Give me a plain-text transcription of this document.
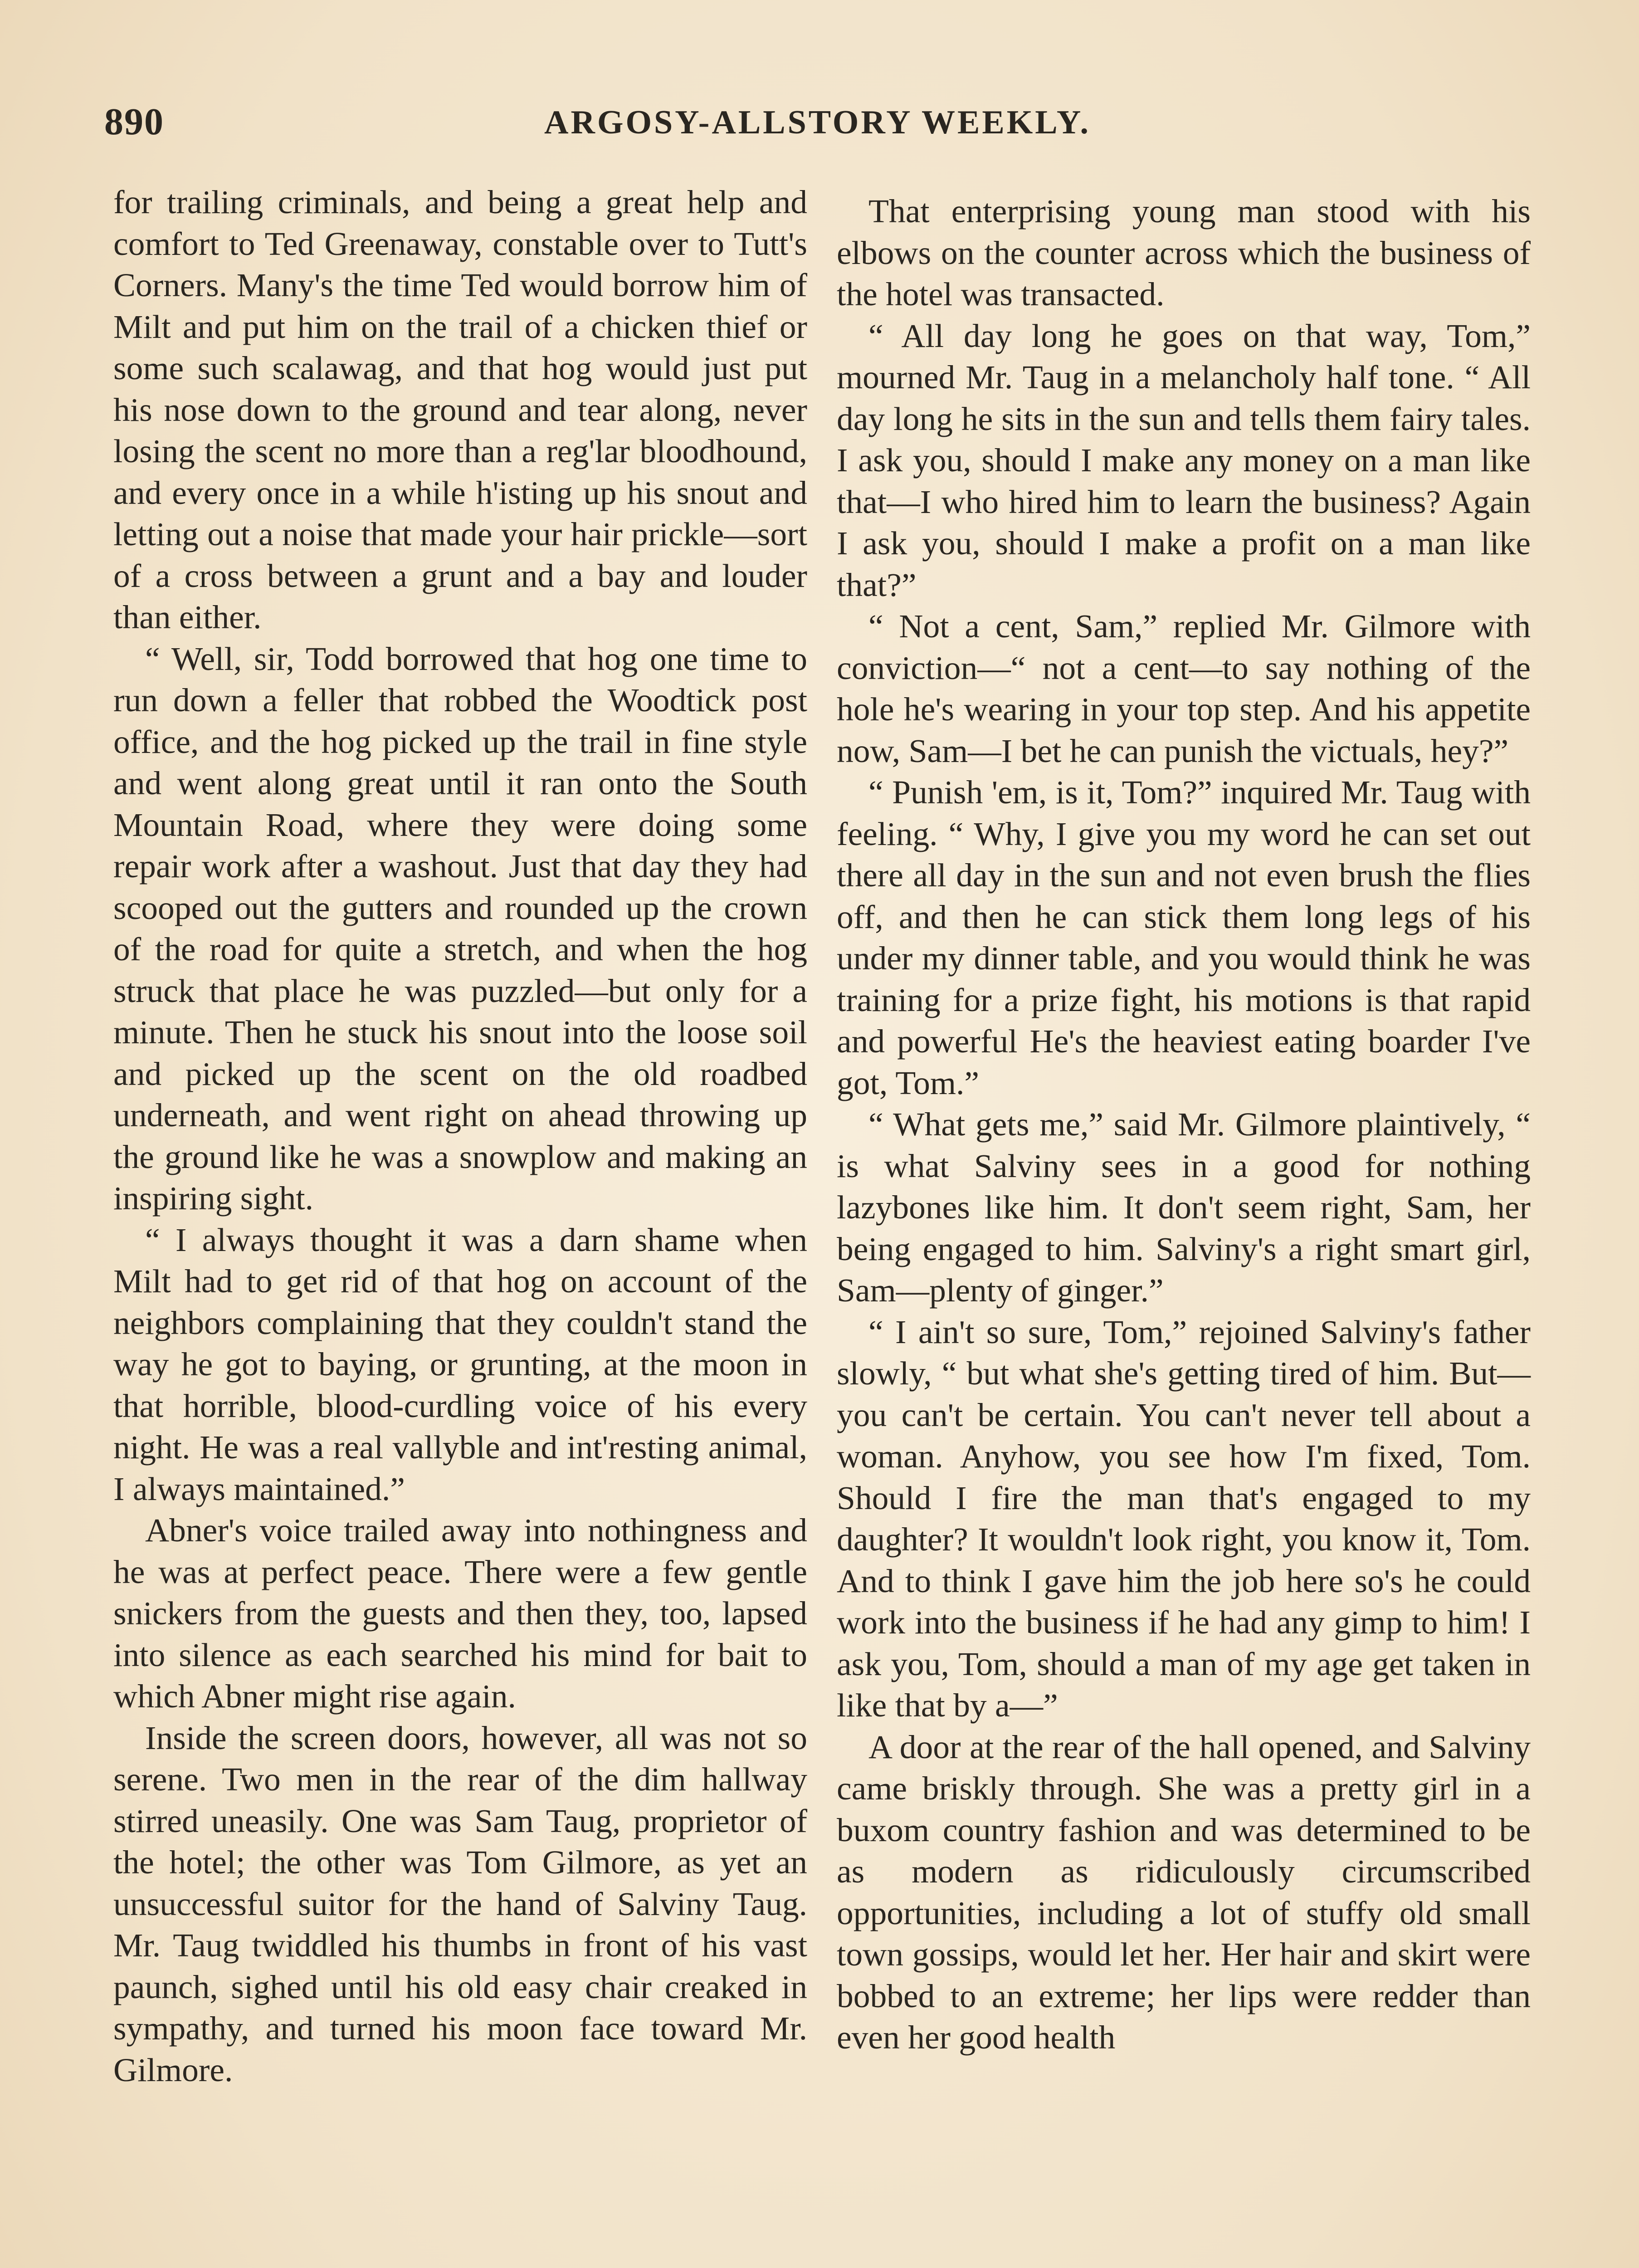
890	ARGOSY-ALLSTORY WEEKLY.

for trailing criminals, and being a great help and comfort to Ted Greenaway, constable over to Tutt's Corners. Many's the time Ted would borrow him of Milt and put him on the trail of a chicken thief or some such scalawag, and that hog would just put his nose down to the ground and tear along, never losing the scent no more than a reg'lar bloodhound, and every once in a while h'isting up his snout and letting out a noise that made your hair prickle—sort of a cross between a grunt and a bay and louder than either.

“ Well, sir, Todd borrowed that hog one time to run down a feller that robbed the Woodtick post office, and the hog picked up the trail in fine style and went along great until it ran onto the South Mountain Road, where they were doing some repair work after a washout. Just that day they had scooped out the gutters and rounded up the crown of the road for quite a stretch, and when the hog struck that place he was puzzled—but only for a minute. Then he stuck his snout into the loose soil and picked up the scent on the old roadbed underneath, and went right on ahead throwing up the ground like he was a snowplow and making an inspiring sight.

“ I always thought it was a darn shame when Milt had to get rid of that hog on account of the neighbors complaining that they couldn't stand the way he got to baying, or grunting, at the moon in that horrible, blood-curdling voice of his every night. He was a real vallyble and int'resting animal, I always maintained.”

Abner's voice trailed away into nothingness and he was at perfect peace. There were a few gentle snickers from the guests and then they, too, lapsed into silence as each searched his mind for bait to which Abner might rise again.

Inside the screen doors, however, all was not so serene. Two men in the rear of the dim hallway stirred uneasily. One was Sam Taug, proprietor of the hotel; the other was Tom Gilmore, as yet an unsuccessful suitor for the hand of Salviny Taug. Mr. Taug twiddled his thumbs in front of his vast paunch, sighed until his old easy chair creaked in sympathy, and turned his moon face toward Mr. Gilmore.

That enterprising young man stood with his elbows on the counter across which the business of the hotel was transacted.

“ All day long he goes on that way, Tom,” mourned Mr. Taug in a melancholy half tone. “ All day long he sits in the sun and tells them fairy tales. I ask you, should I make any money on a man like that—I who hired him to learn the business? Again I ask you, should I make a profit on a man like that?”

“ Not a cent, Sam,” replied Mr. Gilmore with conviction—“ not a cent—to say nothing of the hole he's wearing in your top step. And his appetite now, Sam—I bet he can punish the victuals, hey?”

“ Punish 'em, is it, Tom?” inquired Mr. Taug with feeling. “ Why, I give you my word he can set out there all day in the sun and not even brush the flies off, and then he can stick them long legs of his under my dinner table, and you would think he was training for a prize fight, his motions is that rapid and powerful He's the heaviest eating boarder I've got, Tom.”

“ What gets me,” said Mr. Gilmore plaintively, “ is what Salviny sees in a good for nothing lazybones like him. It don't seem right, Sam, her being engaged to him. Salviny's a right smart girl, Sam—plenty of ginger.”

“ I ain't so sure, Tom,” rejoined Salviny's father slowly, “ but what she's getting tired of him. But—you can't be certain. You can't never tell about a woman. Anyhow, you see how I'm fixed, Tom. Should I fire the man that's engaged to my daughter? It wouldn't look right, you know it, Tom. And to think I gave him the job here so's he could work into the business if he had any gimp to him! I ask you, Tom, should a man of my age get taken in like that by a—”

A door at the rear of the hall opened, and Salviny came briskly through. She was a pretty girl in a buxom country fashion and was determined to be as modern as ridiculously circumscribed opportunities, including a lot of stuffy old small town gossips, would let her. Her hair and skirt were bobbed to an extreme; her lips were redder than even her good health
